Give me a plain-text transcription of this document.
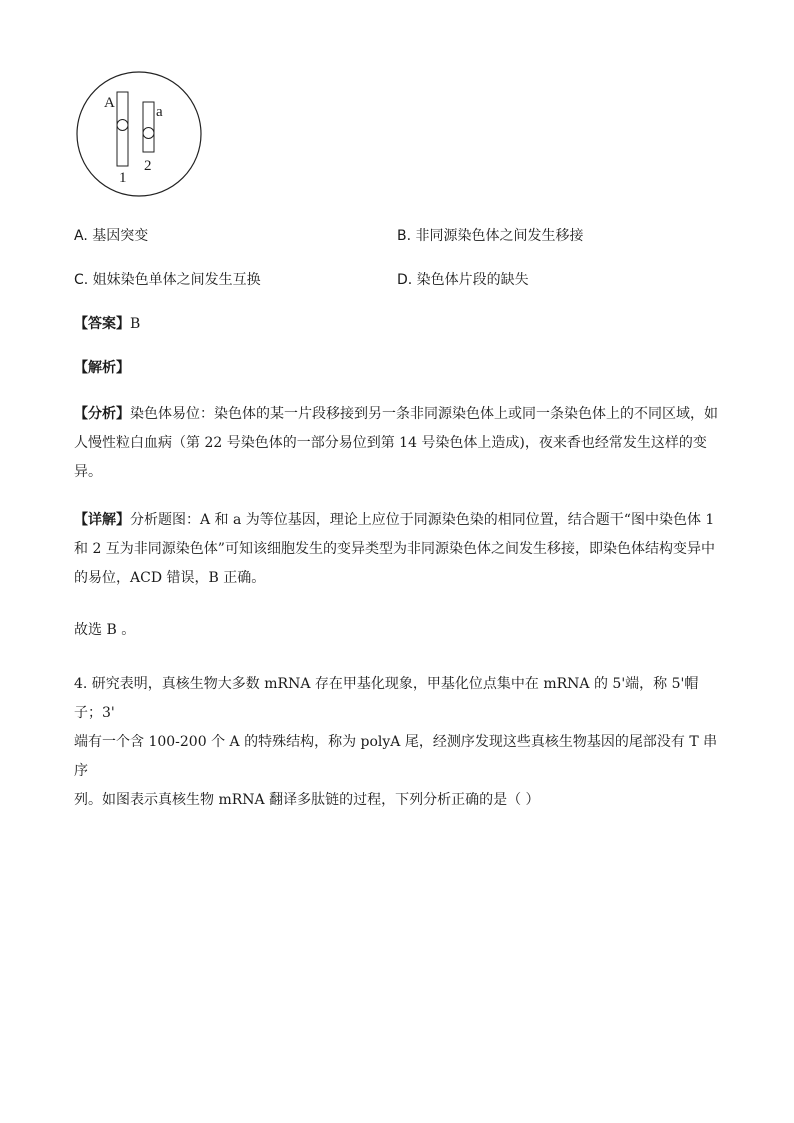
A
a
1
2
A. 基因突变	B. 非同源染色体之间发生移接
C. 姐妹染色单体之间发生互换	D. 染色体片段的缺失
【答案】B
【解析】
【分析】染色体易位：染色体的某一片段移接到另一条非同源染色体上或同一条染色体上的不同区域，如
人慢性粒白血病（第 22 号染色体的一部分易位到第 14 号染色体上造成)，夜来香也经常发生这样的变
异。
【详解】分析题图：A 和 a 为等位基因，理论上应位于同源染色染的相同位置，结合题干“图中染色体 1
和 2 互为非同源染色体”可知该细胞发生的变异类型为非同源染色体之间发生移接，即染色体结构变异中
的易位，ACD 错误，B 正确。
故选 B 。
4. 研究表明，真核生物大多数 mRNA 存在甲基化现象，甲基化位点集中在 mRNA 的 5'端，称 5'帽子；3'
端有一个含 100-200 个 A 的特殊结构，称为 polyA 尾，经测序发现这些真核生物基因的尾部没有 T 串序
列。如图表示真核生物 mRNA 翻译多肽链的过程，下列分析正确的是（ ）
